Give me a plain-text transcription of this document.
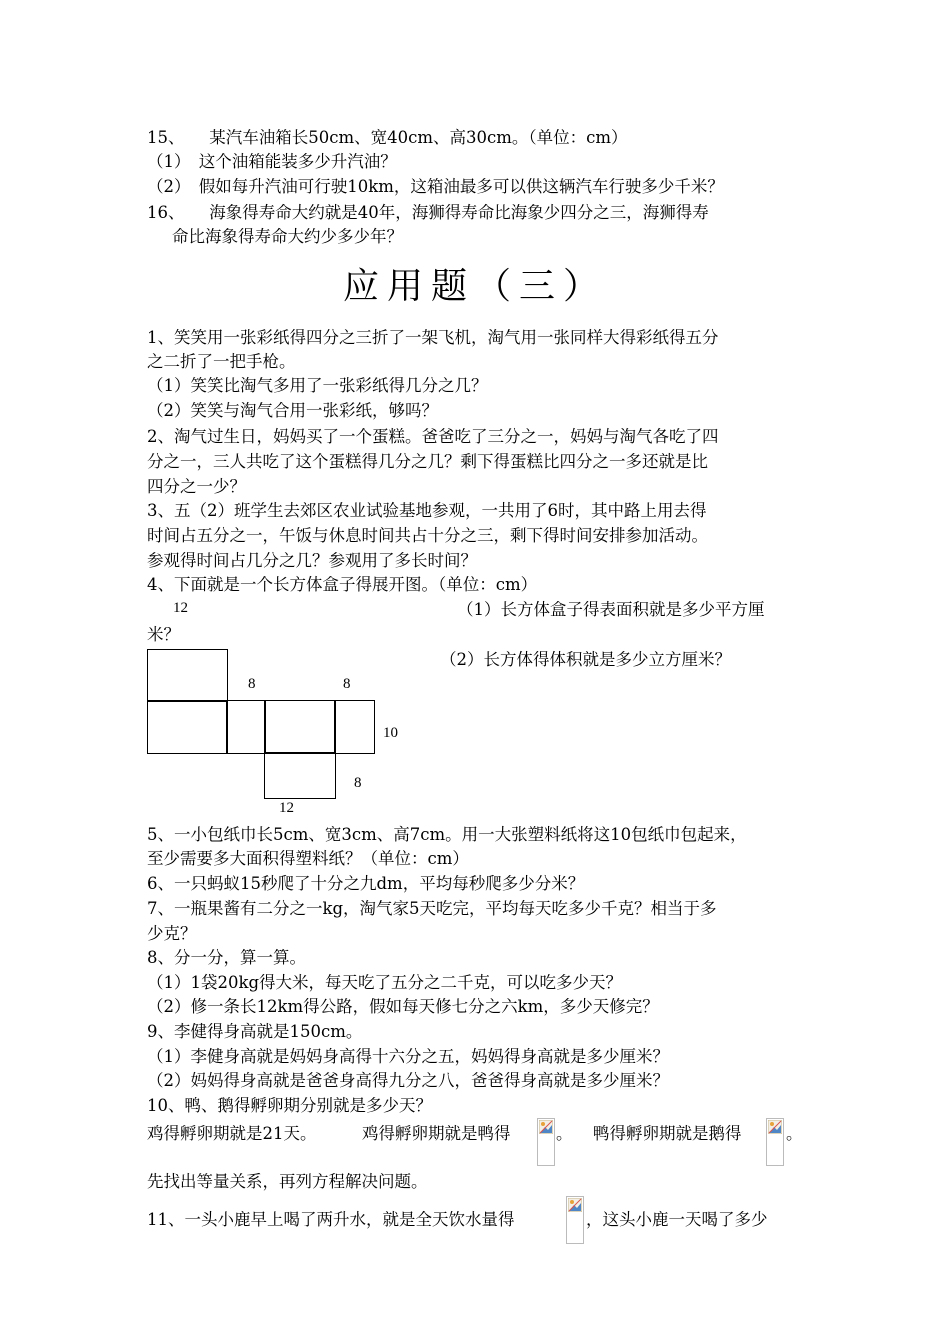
15、　　某汽车油箱长50cm、宽40cm、高30cm。（单位：cm）
（1）　这个油箱能装多少升汽油？
（2）　假如每升汽油可行驶10km，这箱油最多可以供这辆汽车行驶多少千米？
16、　　海象得寿命大约就是40年，海狮得寿命比海象少四分之三，海狮得寿
命比海象得寿命大约少多少年？
应用题（三）
1、笑笑用一张彩纸得四分之三折了一架飞机，淘气用一张同样大得彩纸得五分
之二折了一把手枪。
（1）笑笑比淘气多用了一张彩纸得几分之几？
（2）笑笑与淘气合用一张彩纸，够吗？
2、淘气过生日，妈妈买了一个蛋糕。爸爸吃了三分之一，妈妈与淘气各吃了四
分之一，三人共吃了这个蛋糕得几分之几？剩下得蛋糕比四分之一多还就是比
四分之一少？
3、五（2）班学生去郊区农业试验基地参观，一共用了6时，其中路上用去得
时间占五分之一，午饭与休息时间共占十分之三，剩下得时间安排参加活动。
参观得时间占几分之几？参观用了多长时间？
4、下面就是一个长方体盒子得展开图。（单位：cm）
12	（1）长方体盒子得表面积就是多少平方厘
米？
（2）长方体得体积就是多少立方厘米？
8	8
10
8
12
5、一小包纸巾长5cm、宽3cm、高7cm。用一大张塑料纸将这10包纸巾包起来，
至少需要多大面积得塑料纸？（单位：cm）
6、一只蚂蚁15秒爬了十分之九dm，平均每秒爬多少分米？
7、一瓶果酱有二分之一kg，淘气家5天吃完，平均每天吃多少千克？相当于多
少克？
8、分一分，算一算。
（1）1袋20kg得大米，每天吃了五分之二千克，可以吃多少天？
（2）修一条长12km得公路，假如每天修七分之六km，多少天修完？
9、李健得身高就是150cm。
（1）李健身高就是妈妈身高得十六分之五，妈妈得身高就是多少厘米？
（2）妈妈得身高就是爸爸身高得九分之八，爸爸得身高就是多少厘米？
10、鸭、鹅得孵卵期分别就是多少天？
鸡得孵卵期就是21天。	鸡得孵卵期就是鸭得	。 鸭得孵卵期就是鹅得	。
先找出等量关系，再列方程解决问题。
11、一头小鹿早上喝了两升水，就是全天饮水量得	，这头小鹿一天喝了多少
